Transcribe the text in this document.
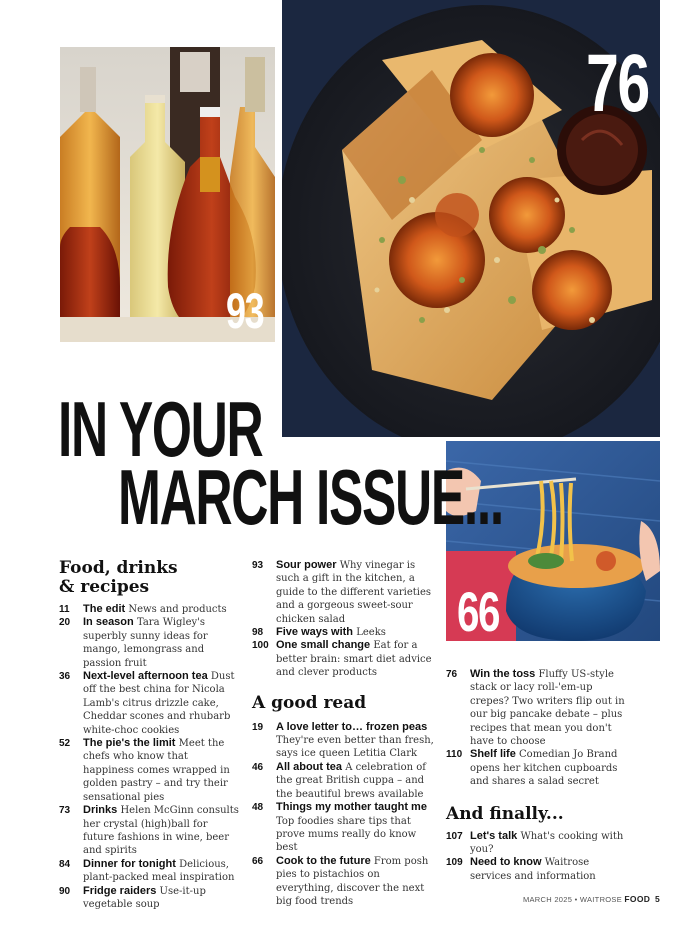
93
76
66
IN YOUR
MARCH ISSUE...
Food, drinks
& recipes
11	The edit News and products
20	In season Tara Wigley's superbly sunny ideas for mango, lemongrass and passion fruit
36	Next-level afternoon tea Dust off the best china for Nicola Lamb's citrus drizzle cake, Cheddar scones and rhubarb white-choc cookies
52	The pie's the limit Meet the chefs who know that happiness comes wrapped in golden pastry – and try their sensational pies
73	Drinks Helen McGinn consults her crystal (high)ball for future fashions in wine, beer and spirits
84	Dinner for tonight Delicious, plant-packed meal inspiration
90	Fridge raiders Use-it-up vegetable soup
93	Sour power Why vinegar is such a gift in the kitchen, a guide to the different varieties and a gorgeous sweet-sour chicken salad
98	Five ways with Leeks
100 One small change Eat for a better brain: smart diet advice and clever products
A good read
19	A love letter to… frozen peas They're even better than fresh, says ice queen Letitia Clark
46	All about tea A celebration of the great British cuppa – and the beautiful brews available
48	Things my mother taught me Top foodies share tips that prove mums really do know best
66	Cook to the future From posh pies to pistachios on everything, discover the next big food trends
76	Win the toss Fluffy US-style stack or lacy roll-'em-up crepes? Two writers flip out in our big pancake debate – plus recipes that mean you don't have to choose
110 Shelf life Comedian Jo Brand opens her kitchen cupboards and shares a salad secret
And finally...
107 Let's talk What's cooking with you?
109 Need to know Waitrose services and information
MARCH 2025 • WAITROSE FOOD 5
